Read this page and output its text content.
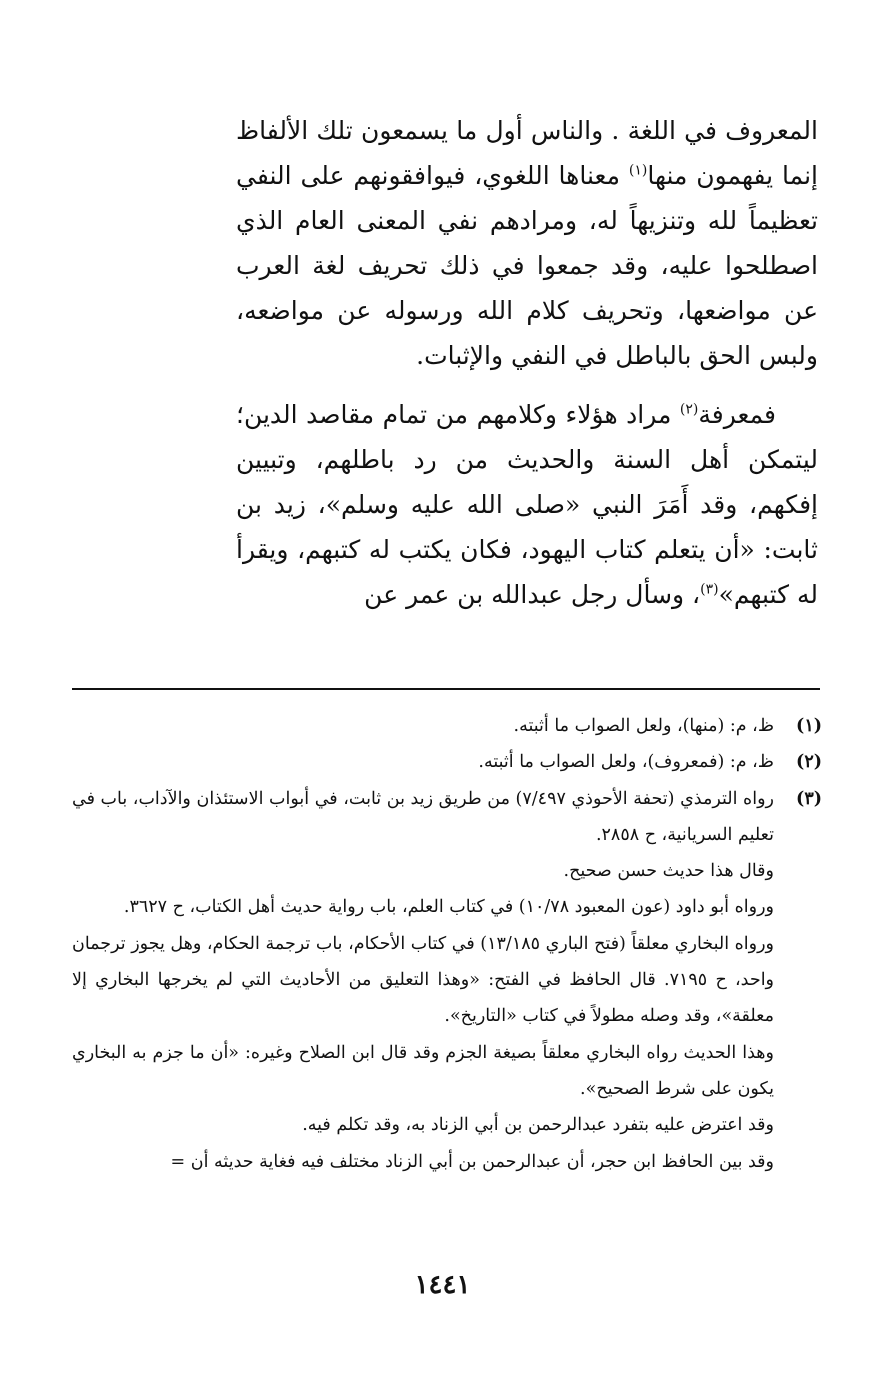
المعروف في اللغة . والناس أول ما يسمعون تلك الألفاظ إنما يفهمون منها$^{(١)}$ معناها اللغوي، فيوافقونهم على النفي تعظيماً لله وتنزيهاً له، ومرادهم نفي المعنى العام الذي اصطلحوا عليه، وقد جمعوا في ذلك تحريف لغة العرب عن مواضعها، وتحريف كلام الله ورسوله عن مواضعه، ولبس الحق بالباطل في النفي والإثبات.

فمعرفة$^{(٢)}$ مراد هؤلاء وكلامهم من تمام مقاصد الدين؛ ليتمكن أهل السنة والحديث من رد باطلهم، وتبيين إفكهم، وقد أَمَرَ النبي «صلى الله عليه وسلم»، زيد بن ثابت: «أن يتعلم كتاب اليهود، فكان يكتب له كتبهم، ويقرأ له كتبهم»$^{(٣)}$، وسأل رجل عبدالله بن عمر عن

(١)
ظ، م: (منها)، ولعل الصواب ما أثبته.
(٢)
ظ، م: (فمعروف)، ولعل الصواب ما أثبته.
(٣)
رواه الترمذي (تحفة الأحوذي ٧/٤٩٧) من طريق زيد بن ثابت، في أبواب الاستئذان والآداب، باب في تعليم السريانية، ح ٢٨٥٨.
وقال هذا حديث حسن صحيح.
ورواه أبو داود (عون المعبود ١٠/٧٨) في كتاب العلم، باب رواية حديث أهل الكتاب، ح ٣٦٢٧.
ورواه البخاري معلقاً (فتح الباري ١٣/١٨٥) في كتاب الأحكام، باب ترجمة الحكام، وهل يجوز ترجمان واحد، ح ٧١٩٥. قال الحافظ في الفتح: «وهذا التعليق من الأحاديث التي لم يخرجها البخاري إلا معلقة»، وقد وصله مطولاً في كتاب «التاريخ».
وهذا الحديث رواه البخاري معلقاً بصيغة الجزم وقد قال ابن الصلاح وغيره: «أن ما جزم به البخاري يكون على شرط الصحيح».
وقد اعترض عليه بتفرد عبدالرحمن بن أبي الزناد به، وقد تكلم فيه.
وقد بين الحافظ ابن حجر، أن عبدالرحمن بن أبي الزناد مختلف فيه فغاية حديثه أن =
١٤٤١
